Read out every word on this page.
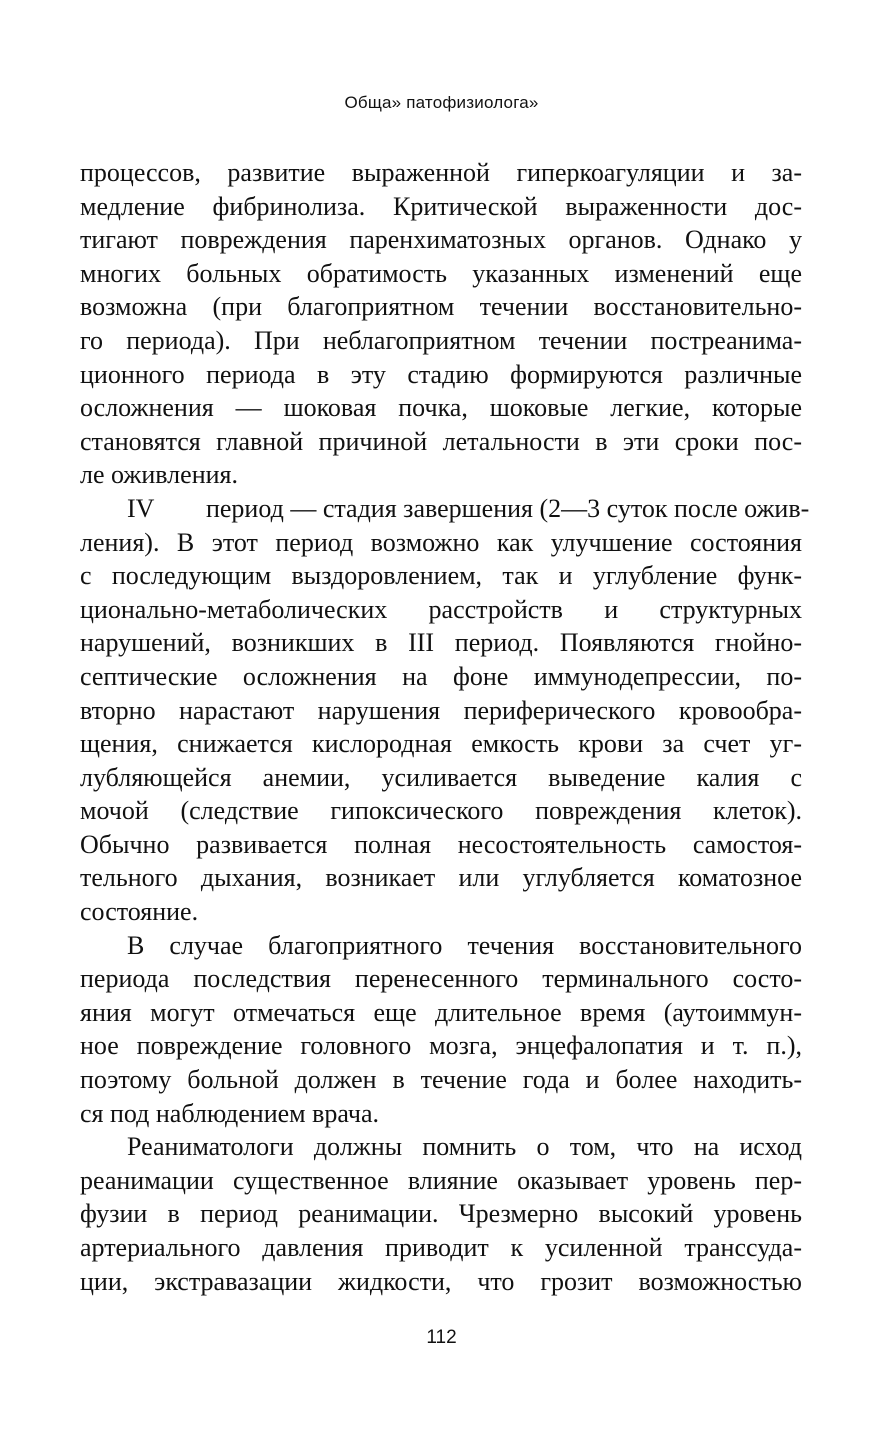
Обща» патофизиолога»
процессов, развитие выраженной гиперкоагуляции и за-
медление фибринолиза. Критической выраженности дос-
тигают повреждения паренхиматозных органов. Однако у
многих больных обратимость указанных изменений еще
возможна (при благоприятном течении восстановительно-
го периода). При неблагоприятном течении постреанима-
ционного периода в эту стадию формируются различные
осложнения — шоковая почка, шоковые легкие, которые
становятся главной причиной летальности в эти сроки пос-
ле оживления.
IV        период — стадия завершения (2—3 суток после ожив-
ления). В этот период возможно как улучшение состояния
с последующим выздоровлением, так и углубление функ-
ционально-метаболических расстройств и структурных
нарушений, возникших в III период. Появляются гнойно-
септические осложнения на фоне иммунодепрессии, по-
вторно нарастают нарушения периферического кровообра-
щения, снижается кислородная емкость крови за счет уг-
лубляющейся анемии, усиливается выведение калия с
мочой (следствие гипоксического повреждения клеток).
Обычно развивается полная несостоятельность самостоя-
тельного дыхания, возникает или углубляется коматозное
состояние.
В случае благоприятного течения восстановительного
периода последствия перенесенного терминального состо-
яния могут отмечаться еще длительное время (аутоиммун-
ное повреждение головного мозга, энцефалопатия и т. п.),
поэтому больной должен в течение года и более находить-
ся под наблюдением врача.
Реаниматологи должны помнить о том, что на исход
реанимации существенное влияние оказывает уровень пер-
фузии в период реанимации. Чрезмерно высокий уровень
артериального давления приводит к усиленной транссуда-
ции, экстравазации жидкости, что грозит возможностью
112
